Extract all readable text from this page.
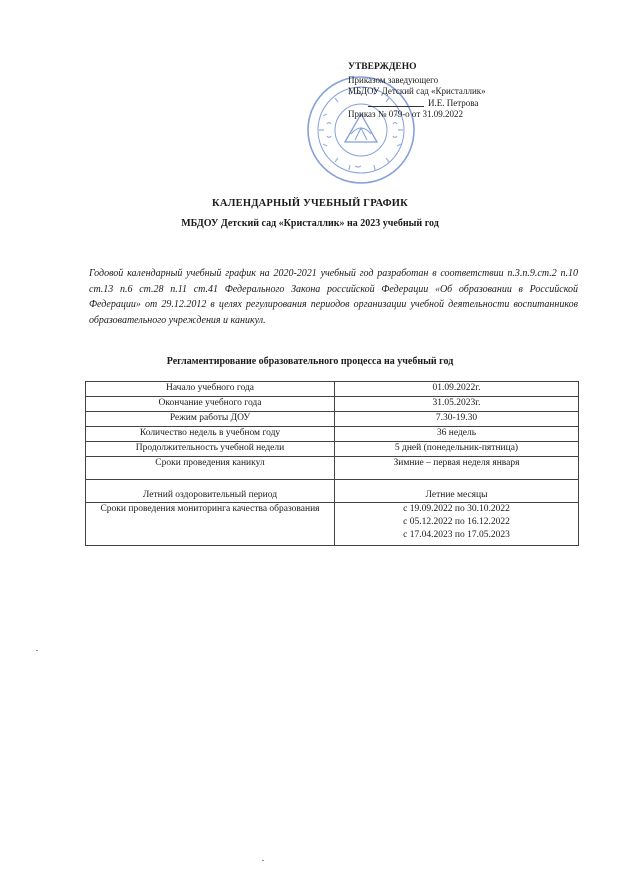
УТВЕРЖДЕНО
Приказом заведующего
МБДОУ Детский сад «Кристаллик»
И.Е. Петрова
Приказ № 079-о от 31.09.2022
КАЛЕНДАРНЫЙ УЧЕБНЫЙ ГРАФИК
МБДОУ Детский сад «Кристаллик» на 2023 учебный год
Годовой календарный учебный график на 2020-2021 учебный год разработан в соответствии п.3.п.9.ст.2 п.10 ст.13 п.6 ст.28 п.11 ст.41 Федерального Закона российской Федерации «Об образовании в Российской Федерации» от 29.12.2012 в целях регулирования периодов организации учебной деятельности воспитанников образовательного учреждения и каникул.
Регламентирование образовательного процесса на учебный год
Начало учебного года	01.09.2022г.
Окончание учебного года	31.05.2023г.
Режим работы ДОУ	7.30-19.30
Количество недель в учебном году	36 недель
Продолжительность учебной недели	5 дней (понедельник-пятница)
Сроки проведения каникул	Зимние – первая неделя января
Летний оздоровительный период	Летние месяцы
Сроки проведения мониторинга качества образования	с 19.09.2022 по 30.10.2022
с 05.12.2022 по 16.12.2022
с 17.04.2023 по 17.05.2023
